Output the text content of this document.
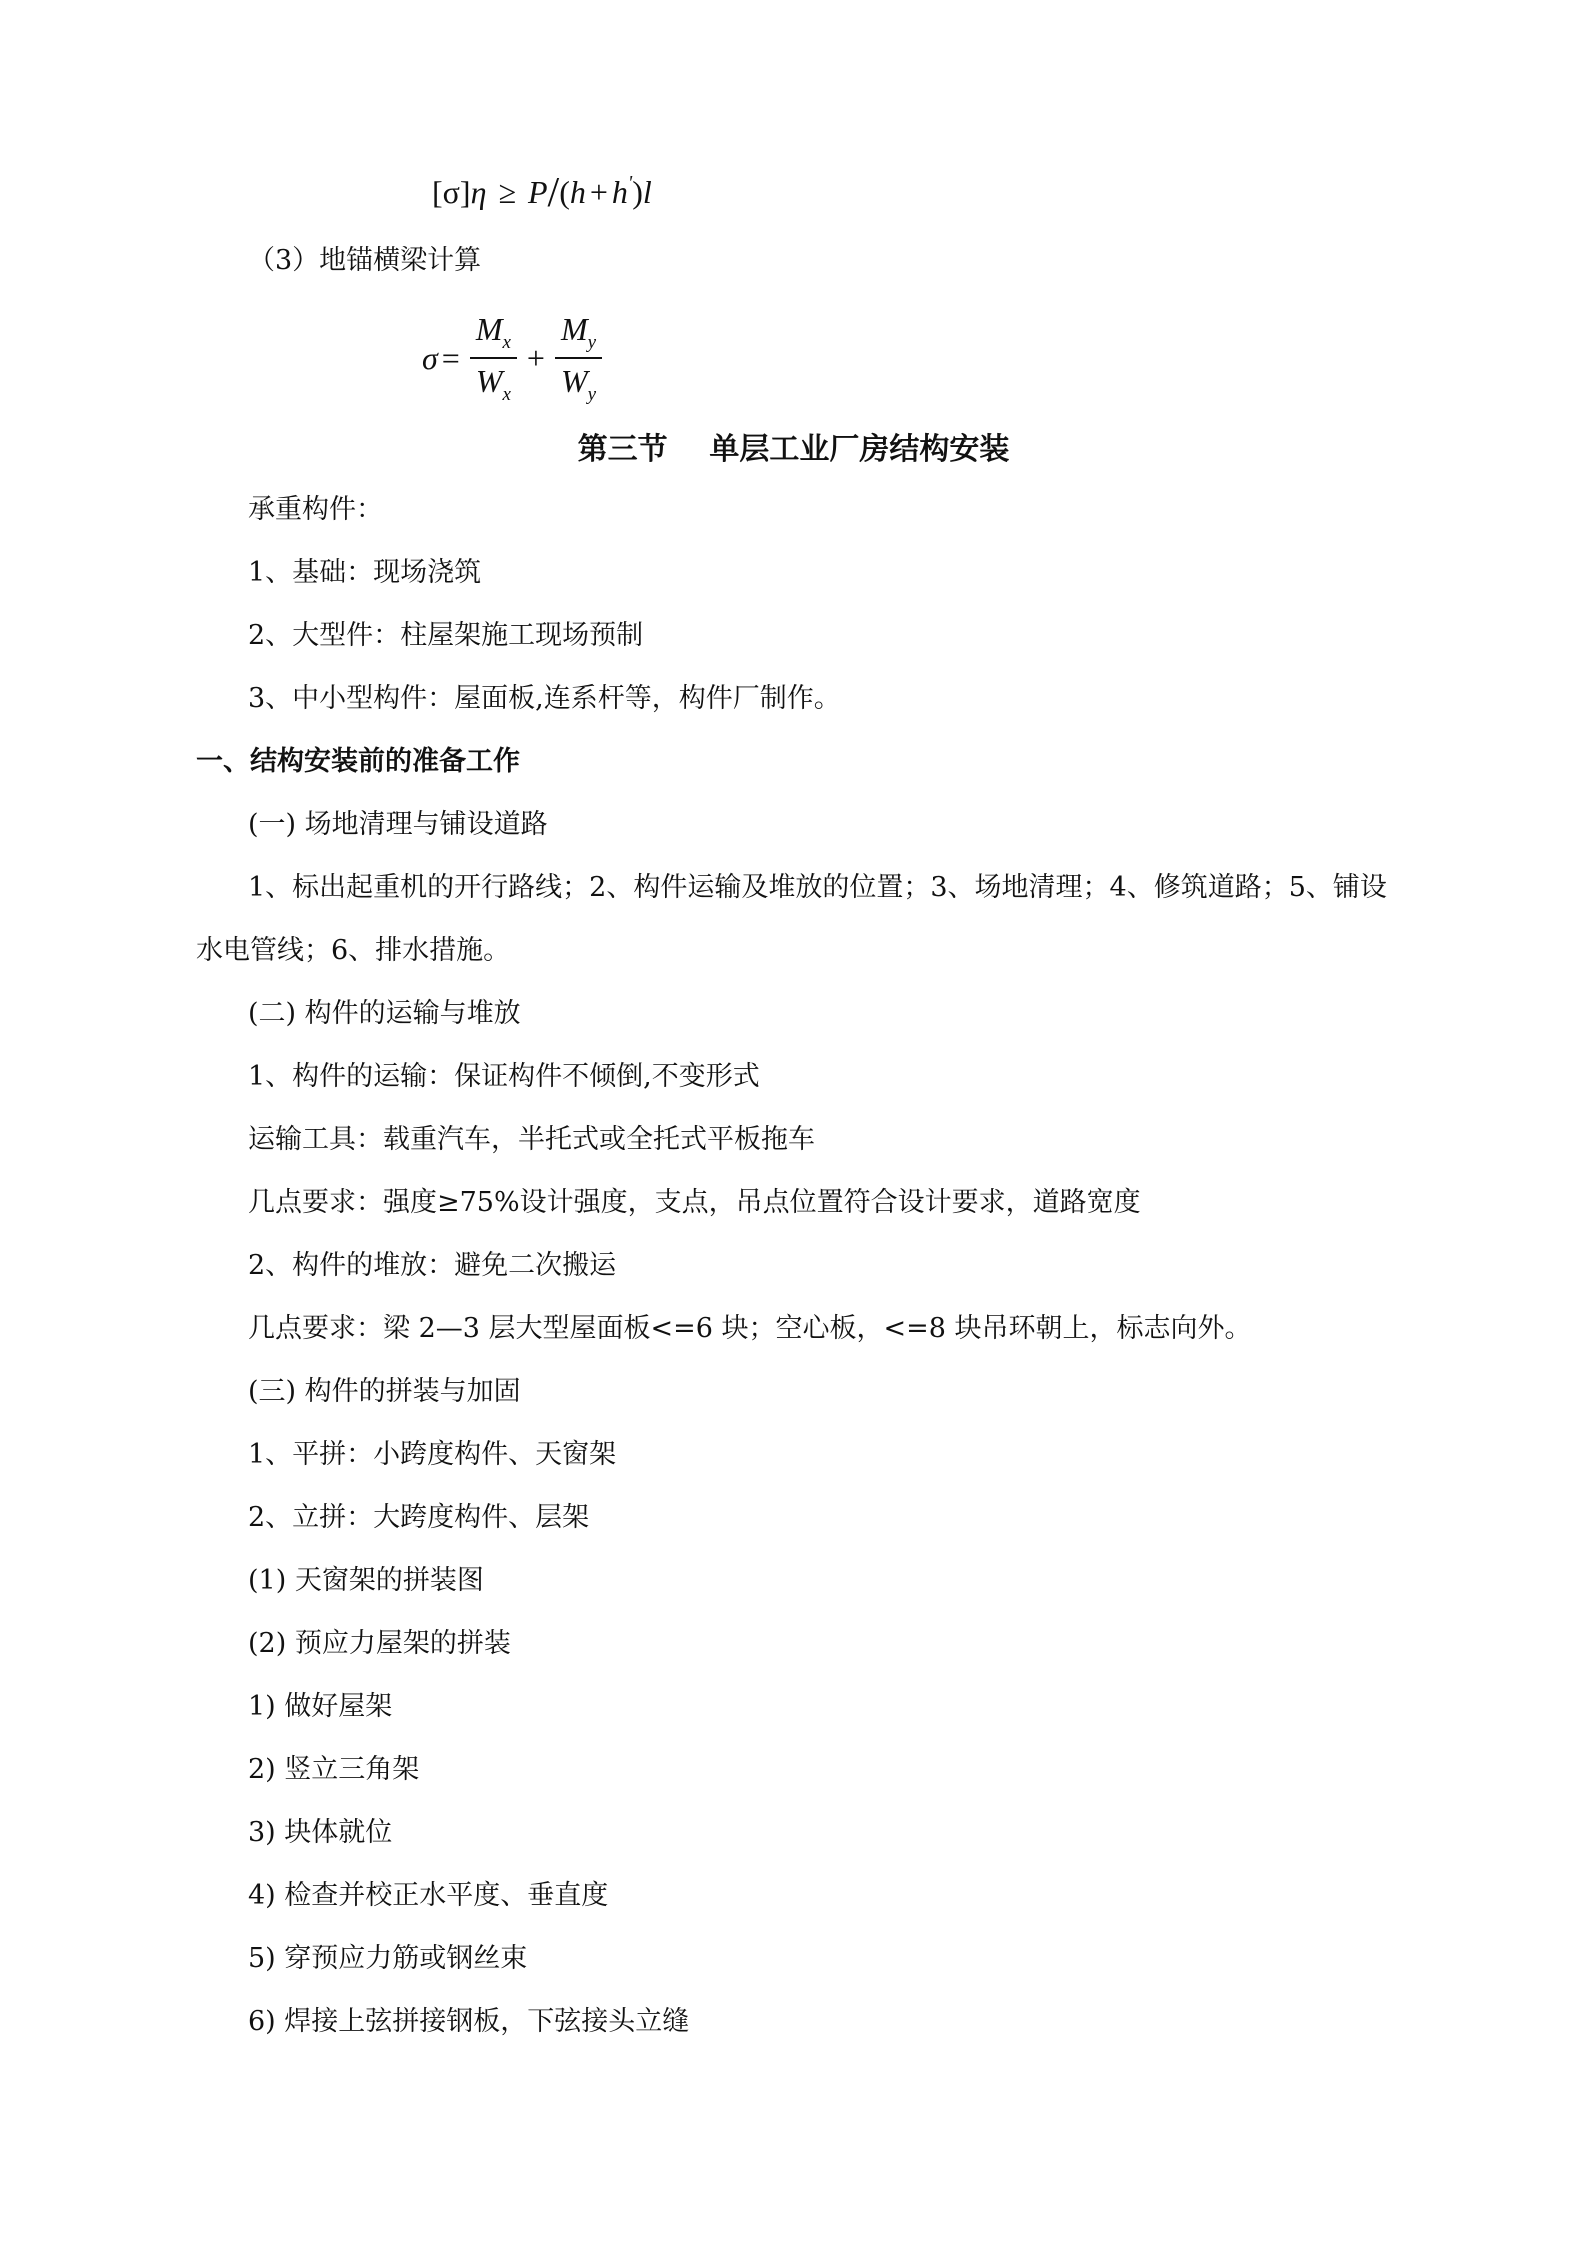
[σ]η ≥ P/(h + h')l
（3）地锚横梁计算
$\sigma = \frac{M_x}{W_x} + \frac{M_y}{W_y}$
第三节    单层工业厂房结构安装
承重构件：
1、基础：现场浇筑
2、大型件：柱屋架施工现场预制
3、中小型构件：屋面板,连系杆等，构件厂制作。
一、结构安装前的准备工作
(一) 场地清理与铺设道路
1、标出起重机的开行路线；2、构件运输及堆放的位置；3、场地清理；4、修筑道路；5、铺设
水电管线；6、排水措施。
(二) 构件的运输与堆放
1、构件的运输：保证构件不倾倒,不变形式
运输工具：载重汽车，半托式或全托式平板拖车
几点要求：强度≥75%设计强度，支点，吊点位置符合设计要求，道路宽度
2、构件的堆放：避免二次搬运
几点要求：梁 2—3 层大型屋面板<=6 块；空心板，<=8 块吊环朝上，标志向外。
(三) 构件的拼装与加固
1、平拼：小跨度构件、天窗架
2、立拼：大跨度构件、层架
(1) 天窗架的拼装图
(2) 预应力屋架的拼装
1) 做好屋架
2) 竖立三角架
3) 块体就位
4) 检查并校正水平度、垂直度
5) 穿预应力筋或钢丝束
6) 焊接上弦拼接钢板，下弦接头立缝
